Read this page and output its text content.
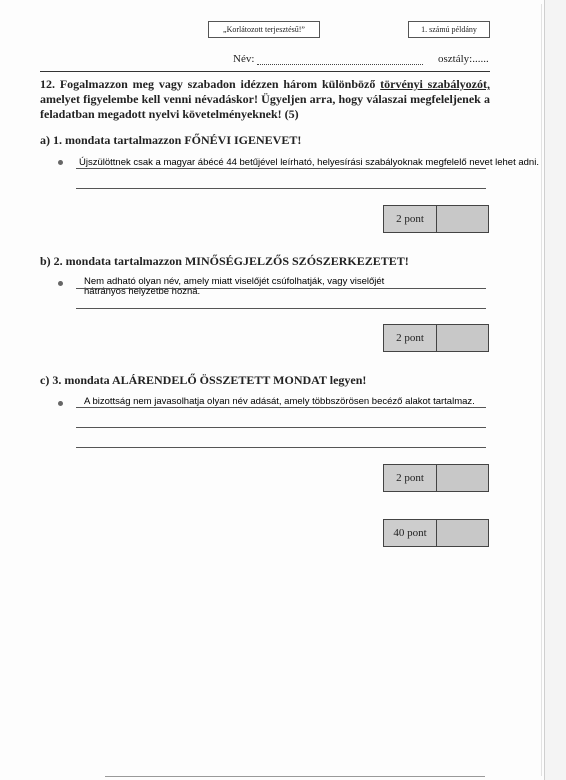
„Korlátozott terjesztésű!”	1. számú példány
Név:	osztály:......
12. Fogalmazzon meg vagy szabadon idézzen három különböző törvényi szabályozót, amelyet figyelembe kell venni névadáskor! Ügyeljen arra, hogy válaszai megfeleljenek a feladatban megadott nyelvi követelményeknek! (5)
a) 1. mondata tartalmazzon FŐNÉVI IGENEVET!
Újszülöttnek csak a magyar ábécé 44 betűjével leírható, helyesírási szabályoknak megfelelő nevet lehet adni.
2 pont
b) 2. mondata tartalmazzon MINŐSÉGJELZŐS SZÓSZERKEZETET!
Nem adható olyan név, amely miatt viselőjét csúfolhatják, vagy viselőjét
hátrányos helyzetbe hozná.
2 pont
c) 3. mondata ALÁRENDELŐ ÖSSZETETT MONDAT legyen!
A bizottság nem javasolhatja olyan név adását, amely többszörösen becéző alakot tartalmaz.
2 pont
40 pont
